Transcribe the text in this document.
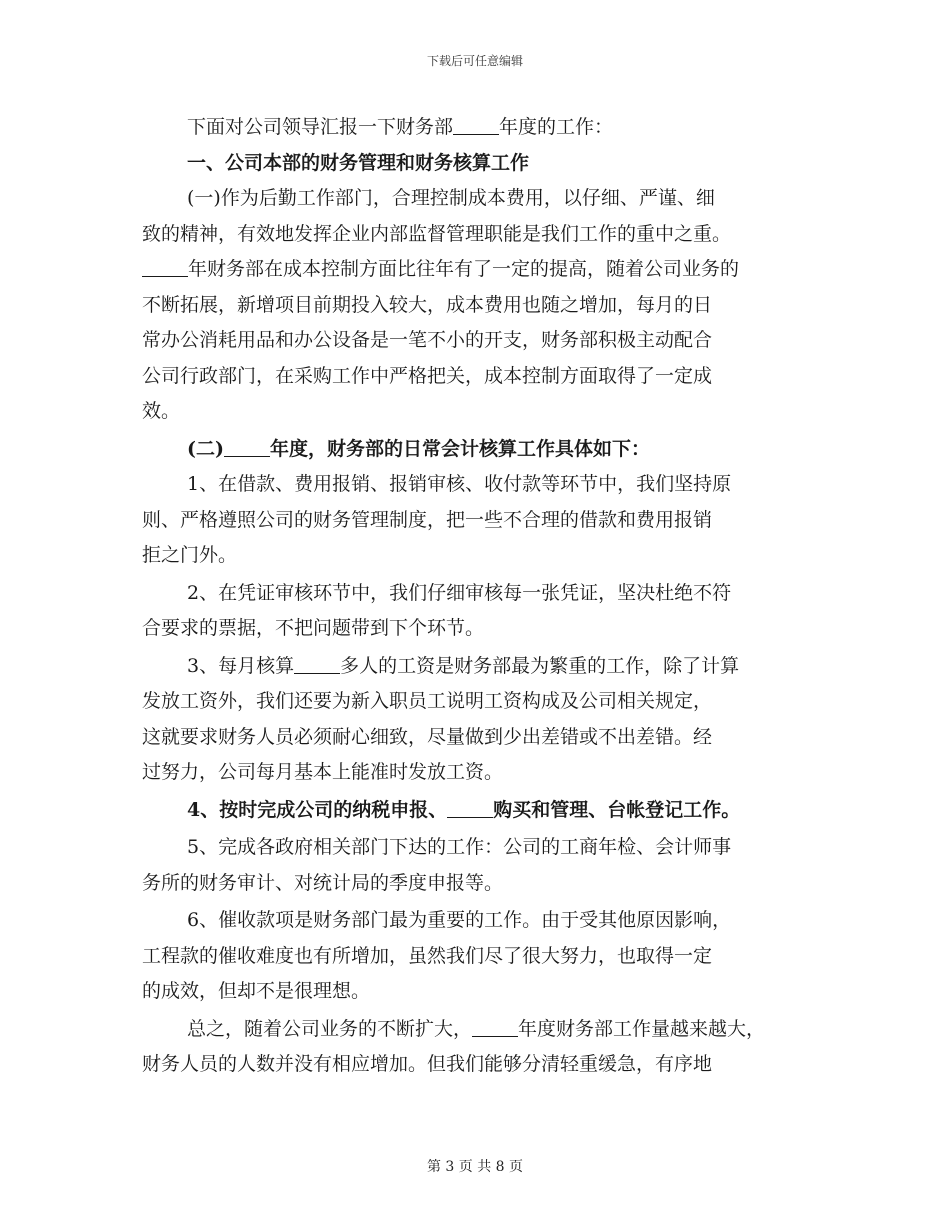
下载后可任意编辑
下面对公司领导汇报一下财务部 年度的工作：
一、公司本部的财务管理和财务核算工作
(一)作为后勤工作部门，合理控制成本费用，以仔细、严谨、细
致的精神，有效地发挥企业内部监督管理职能是我们工作的重中之重。
年财务部在成本控制方面比往年有了一定的提高，随着公司业务的
不断拓展，新增项目前期投入较大，成本费用也随之增加，每月的日
常办公消耗用品和办公设备是一笔不小的开支，财务部积极主动配合
公司行政部门，在采购工作中严格把关，成本控制方面取得了一定成
效。
(二) 年度，财务部的日常会计核算工作具体如下：
1、在借款、费用报销、报销审核、收付款等环节中，我们坚持原
则、严格遵照公司的财务管理制度，把一些不合理的借款和费用报销
拒之门外。
2、在凭证审核环节中，我们仔细审核每一张凭证，坚决杜绝不符
合要求的票据，不把问题带到下个环节。
3、每月核算 多人的工资是财务部最为繁重的工作，除了计算
发放工资外，我们还要为新入职员工说明工资构成及公司相关规定，
这就要求财务人员必须耐心细致，尽量做到少出差错或不出差错。经
过努力，公司每月基本上能准时发放工资。
4、按时完成公司的纳税申报、 购买和管理、台帐登记工作。
5、完成各政府相关部门下达的工作：公司的工商年检、会计师事
务所的财务审计、对统计局的季度申报等。
6、催收款项是财务部门最为重要的工作。由于受其他原因影响，
工程款的催收难度也有所增加，虽然我们尽了很大努力，也取得一定
的成效，但却不是很理想。
总之，随着公司业务的不断扩大， 年度财务部工作量越来越大，
财务人员的人数并没有相应增加。但我们能够分清轻重缓急，有序地
第 3 页 共 8 页
